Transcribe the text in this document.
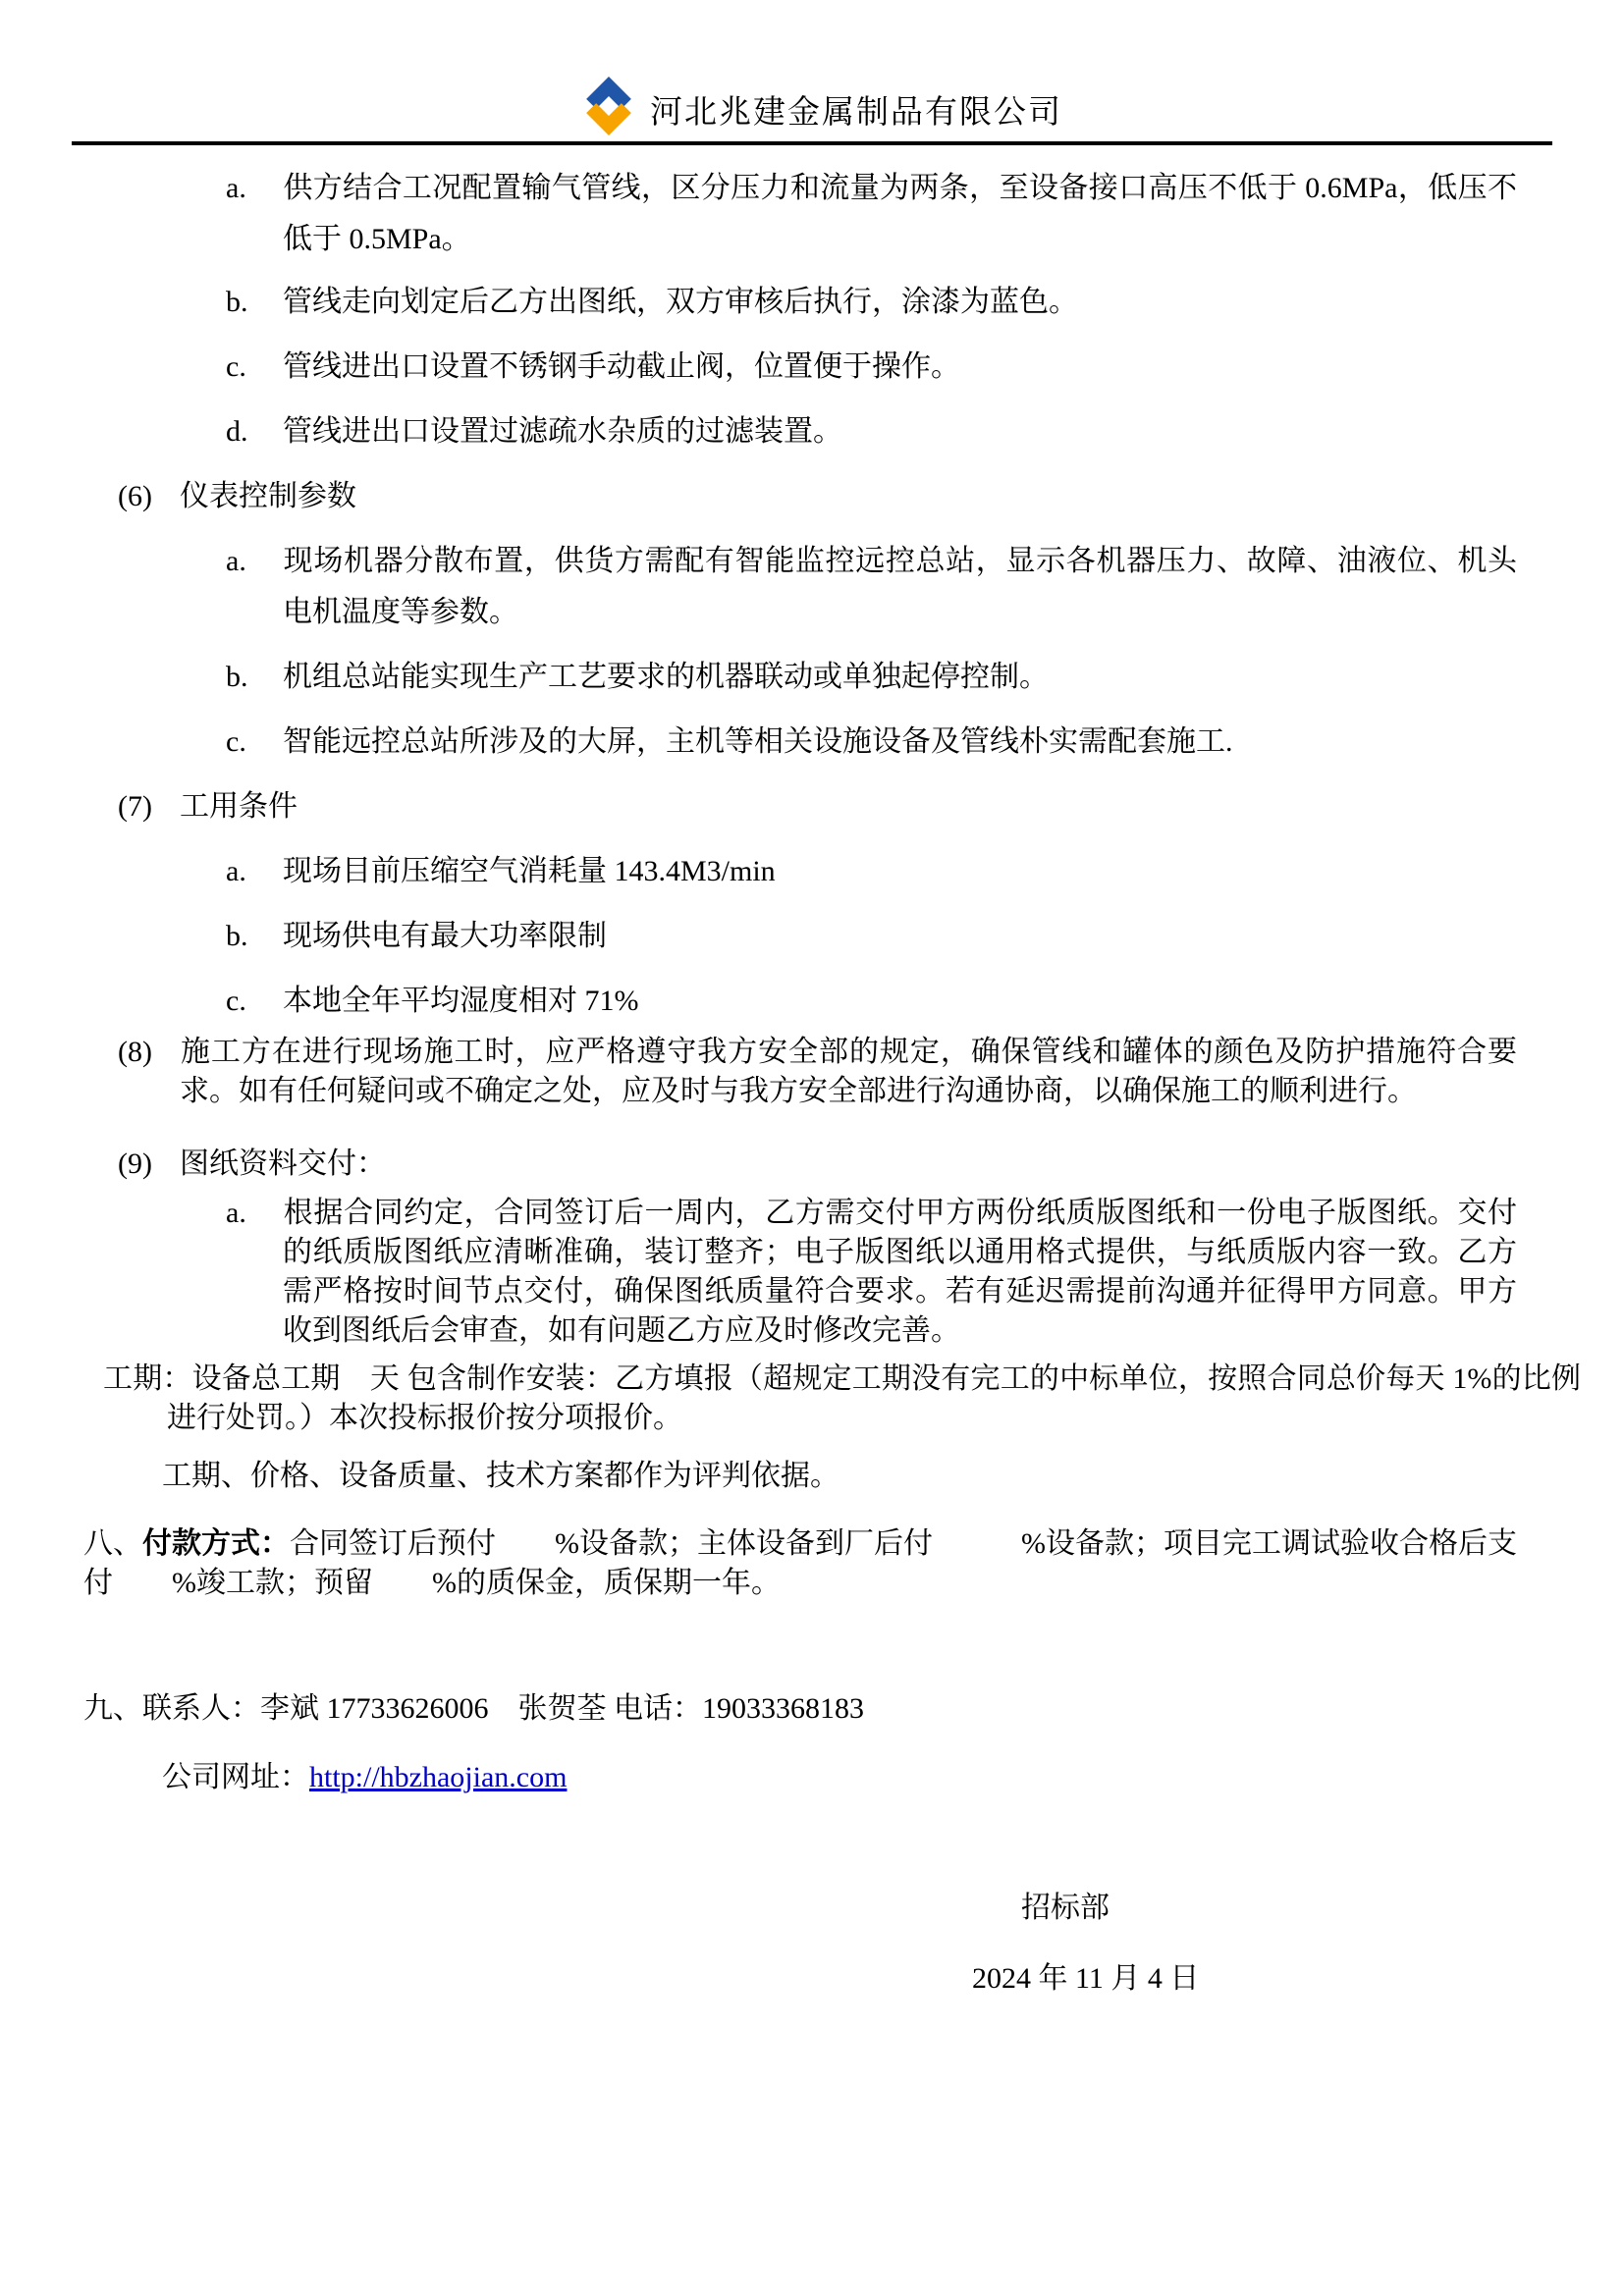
河北兆建金属制品有限公司
a. 供方结合工况配置输气管线，区分压力和流量为两条，至设备接口高压不低于 0.6MPa，低压不低于 0.5MPa。
b. 管线走向划定后乙方出图纸，双方审核后执行，涂漆为蓝色。
c. 管线进出口设置不锈钢手动截止阀，位置便于操作。
d. 管线进出口设置过滤疏水杂质的过滤装置。
(6) 仪表控制参数
a. 现场机器分散布置，供货方需配有智能监控远控总站，显示各机器压力、故障、油液位、机头电机温度等参数。
b. 机组总站能实现生产工艺要求的机器联动或单独起停控制。
c. 智能远控总站所涉及的大屏，主机等相关设施设备及管线朴实需配套施工.
(7) 工用条件
a. 现场目前压缩空气消耗量 143.4M3/min
b. 现场供电有最大功率限制
c. 本地全年平均湿度相对 71%
(8) 施工方在进行现场施工时，应严格遵守我方安全部的规定，确保管线和罐体的颜色及防护措施符合要求。如有任何疑问或不确定之处，应及时与我方安全部进行沟通协商，以确保施工的顺利进行。
(9) 图纸资料交付：
a. 根据合同约定，合同签订后一周内，乙方需交付甲方两份纸质版图纸和一份电子版图纸。交付的纸质版图纸应清晰准确，装订整齐；电子版图纸以通用格式提供，与纸质版内容一致。乙方需严格按时间节点交付，确保图纸质量符合要求。若有延迟需提前沟通并征得甲方同意。甲方收到图纸后会审查，如有问题乙方应及时修改完善。
工期：设备总工期　天 包含制作安装：乙方填报（超规定工期没有完工的中标单位，按照合同总价每天 1%的比例进行处罚。）本次投标报价按分项报价。
工期、价格、设备质量、技术方案都作为评判依据。
八、付款方式：合同签订后预付　　%设备款；主体设备到厂后付　　　%设备款；项目完工调试验收合格后支付　　%竣工款；预留　　%的质保金，质保期一年。
九、联系人：李斌 17733626006　张贺荃 电话：19033368183
公司网址：http://hbzhaojian.com
招标部
2024 年 11 月 4 日
